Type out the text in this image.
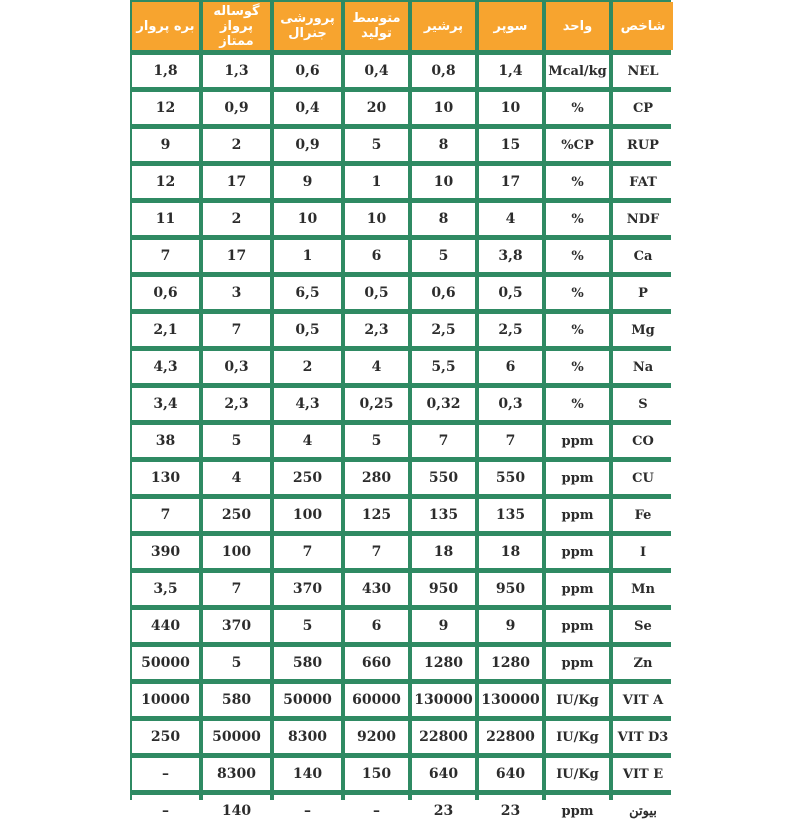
بره پروار	گوساله پرواز ممتاز	پرورشی جنرال	متوسط تولید	پرشیر	سوپر	واحد	شاخص
1,8	1,3	0,6	0,4	0,8	1,4	Mcal/kg	NEL
12	0,9	0,4	20	10	10	%	CP
9	2	0,9	5	8	15	%CP	RUP
12	17	9	1	10	17	%	FAT
11	2	10	10	8	4	%	NDF
7	17	1	6	5	3,8	%	Ca
0,6	3	6,5	0,5	0,6	0,5	%	P
2,1	7	0,5	2,3	2,5	2,5	%	Mg
4,3	0,3	2	4	5,5	6	%	Na
3,4	2,3	4,3	0,25	0,32	0,3	%	S
38	5	4	5	7	7	ppm	CO
130	4	250	280	550	550	ppm	CU
7	250	100	125	135	135	ppm	Fe
390	100	7	7	18	18	ppm	I
3,5	7	370	430	950	950	ppm	Mn
440	370	5	6	9	9	ppm	Se
50000	5	580	660	1280	1280	ppm	Zn
10000	580	50000	60000	130000	130000	IU/Kg	VIT A
250	50000	8300	9200	22800	22800	IU/Kg	VIT D3
–	8300	140	150	640	640	IU/Kg	VIT E
–	140	–	–	23	23	ppm	بیوتن
